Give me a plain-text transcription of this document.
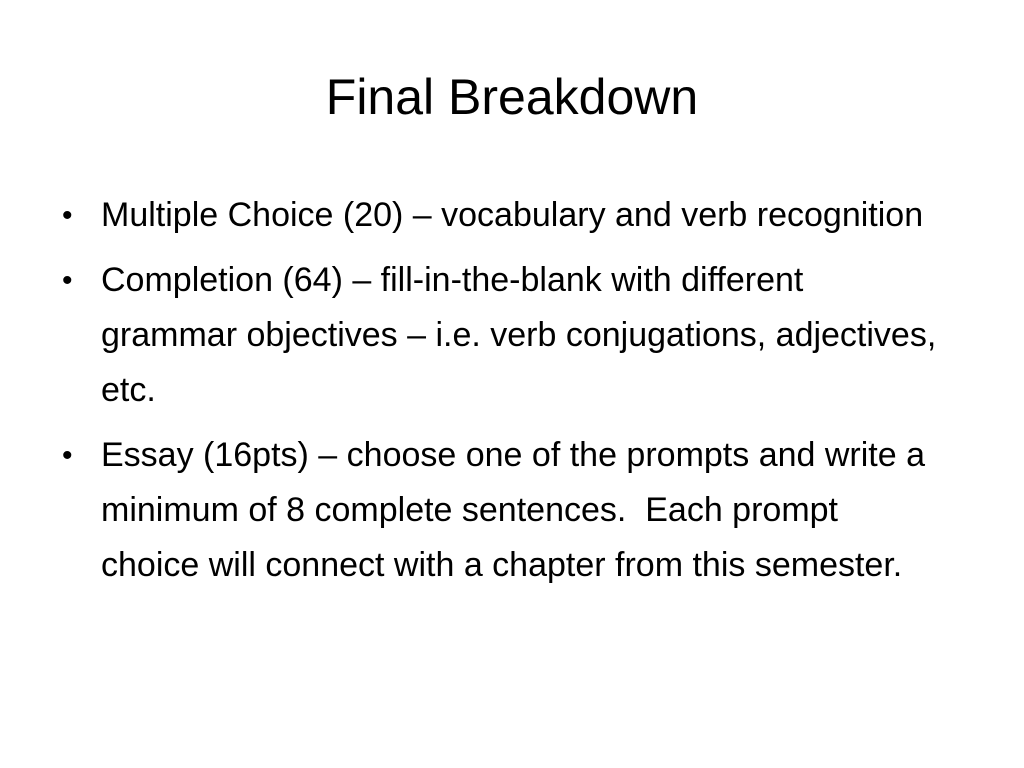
Final Breakdown
• Multiple Choice (20) – vocabulary and verb recognition
• Completion (64) – fill-in-the-blank with different grammar objectives – i.e. verb conjugations, adjectives, etc.
• Essay (16pts) – choose one of the prompts and write a minimum of 8 complete sentences.  Each prompt choice will connect with a chapter from this semester.
